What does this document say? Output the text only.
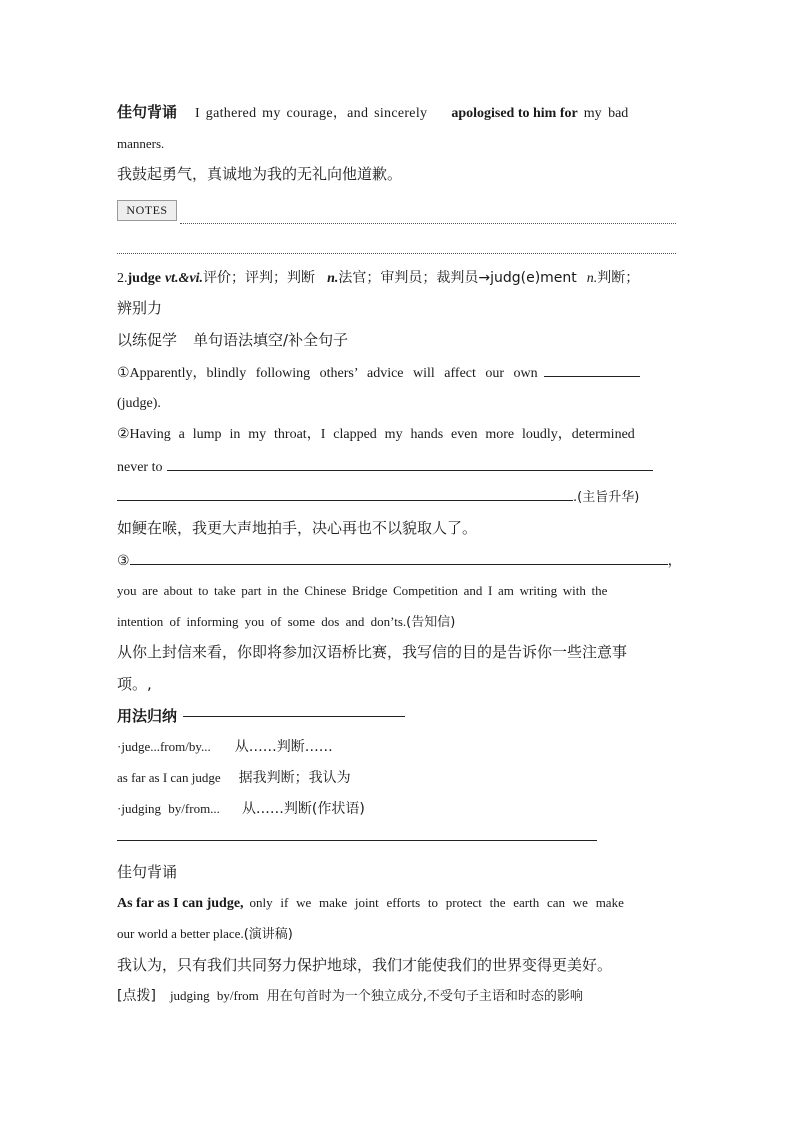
佳句背诵 I gathered my courage，and sincerely apologised to him for my bad
manners.
我鼓起勇气，真诚地为我的无礼向他道歉。
NOTES
2.judge vt.&vi.评价；评判；判断 n.法官；审判员；裁判员→judg(e)ment n.判断；
辨别力
以练促学 单句语法填空/补全句子
①Apparently，blindly following others’ advice will affect our own
(judge).
②Having a lump in my throat，I clapped my hands even more loudly，determined
never to
.(主旨升华)
如鲠在喉，我更大声地拍手，决心再也不以貌取人了。
③	，
you are about to take part in the Chinese Bridge Competition and I am writing with the
intention of informing you of some dos and don’ts.(告知信)
从你上封信来看，你即将参加汉语桥比赛，我写信的目的是告诉你一些注意事
项。,
用法归纳
·judge...from/by... 从……判断……
as far as I can judge 据我判断；我认为
·judging by/from... 从……判断(作状语)
佳句背诵
As far as I can judge, only if we make joint efforts to protect the earth can we make
our world a better place.(演讲稿)
我认为，只有我们共同努力保护地球，我们才能使我们的世界变得更美好。
[点拨] judging by/from 用在句首时为一个独立成分,不受句子主语和时态的影响
